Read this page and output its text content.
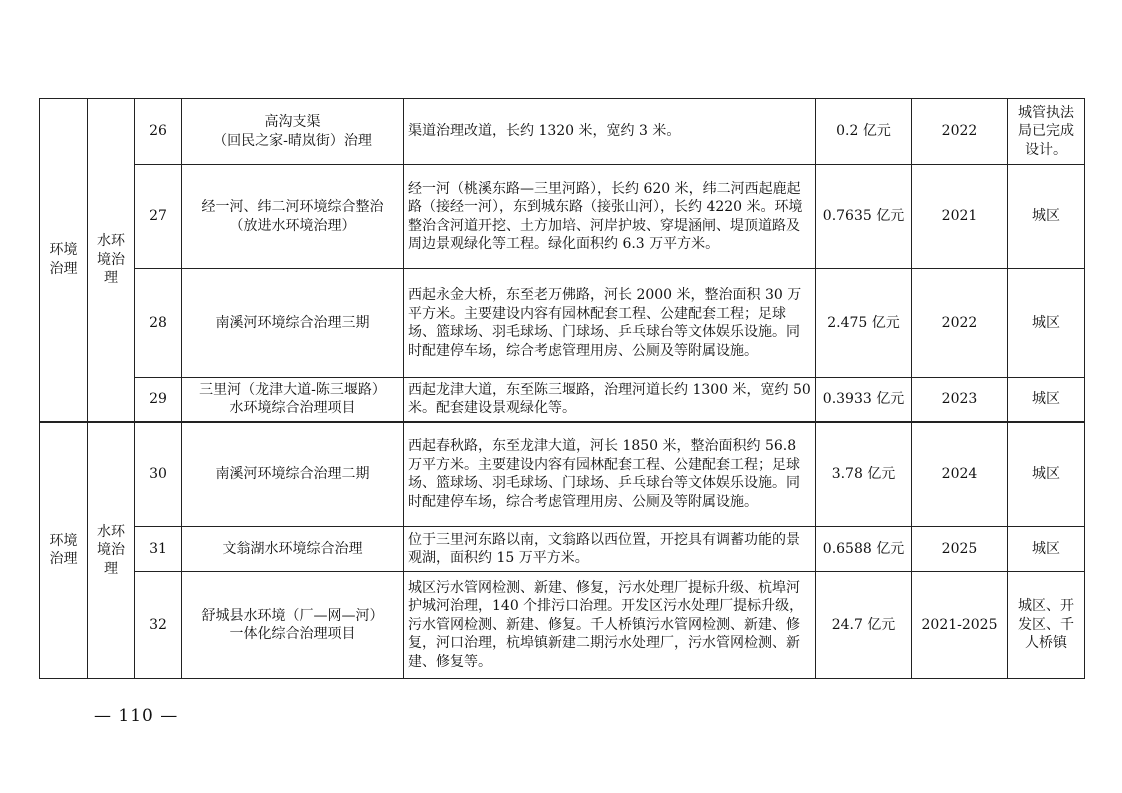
环境治理	水环境治理	26	高沟支渠
（回民之家-晴岚街）治理	渠道治理改道，长约 1320 米，宽约 3 米。	0.2 亿元	2022	城管执法局已完成设计。
		27	经一河、纬二河环境综合整治
（放进水环境治理）	经一河（桃溪东路—三里河路），长约 620 米，纬二河西起鹿起路（接经一河），东到城东路（接张山河），长约 4220 米。环境整治含河道开挖、土方加培、河岸护坡、穿堤涵闸、堤顶道路及周边景观绿化等工程。绿化面积约 6.3 万平方米。	0.7635 亿元	2021	城区
		28	南溪河环境综合治理三期	西起永金大桥，东至老万佛路，河长 2000 米，整治面积 30 万平方米。主要建设内容有园林配套工程、公建配套工程；足球场、篮球场、羽毛球场、门球场、乒乓球台等文体娱乐设施。同时配建停车场，综合考虑管理用房、公厕及等附属设施。	2.475 亿元	2022	城区
		29	三里河（龙津大道-陈三堰路）
水环境综合治理项目	西起龙津大道，东至陈三堰路，治理河道长约 1300 米，宽约 50 米。配套建设景观绿化等。	0.3933 亿元	2023	城区
环境治理	水环境治理	30	南溪河环境综合治理二期	西起春秋路，东至龙津大道，河长 1850 米，整治面积约 56.8 万平方米。主要建设内容有园林配套工程、公建配套工程；足球场、篮球场、羽毛球场、门球场、乒乓球台等文体娱乐设施。同时配建停车场，综合考虑管理用房、公厕及等附属设施。	3.78 亿元	2024	城区
		31	文翁湖水环境综合治理	位于三里河东路以南，文翁路以西位置，开挖具有调蓄功能的景观湖，面积约 15 万平方米。	0.6588 亿元	2025	城区
		32	舒城县水环境（厂—网—河）
一体化综合治理项目	城区污水管网检测、新建、修复，污水处理厂提标升级、杭埠河护城河治理，140 个排污口治理。开发区污水处理厂提标升级，污水管网检测、新建、修复。千人桥镇污水管网检测、新建、修复，河口治理，杭埠镇新建二期污水处理厂，污水管网检测、新建、修复等。	24.7 亿元	2021-2025	城区、开发区、千人桥镇
— 110 —
